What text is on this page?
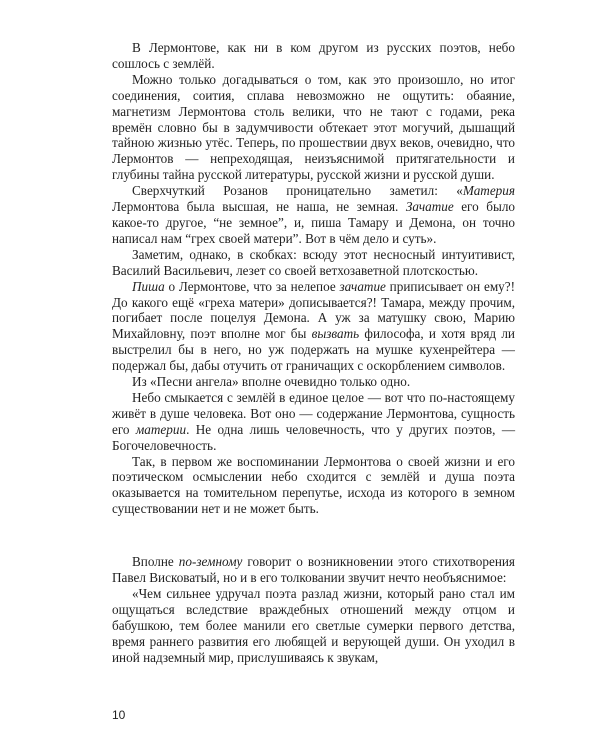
В Лермонтове, как ни в ком другом из русских поэтов, небо сошлось с землёй.

Можно только догадываться о том, как это произошло, но итог соединения, соития, сплава невозможно не ощутить: обаяние, магнетизм Лермонтова столь велики, что не тают с годами, река времён словно бы в задумчивости обтекает этот могучий, дышащий тайною жизнью утёс. Теперь, по прошествии двух веков, очевидно, что Лермонтов — непреходящая, неизъяснимой притягательности и глубины тайна русской литературы, русской жизни и русской души.

Сверхчуткий Розанов проницательно заметил: «Материя Лермонтова была высшая, не наша, не земная. Зачатие его было какое-то другое, “не земное”, и, пиша Тамару и Демона, он точно написал нам “грех своей матери”. Вот в чём дело и суть».

Заметим, однако, в скобках: всюду этот несносный интуитивист, Василий Васильевич, лезет со своей ветхозаветной плотскостью.

Пиша о Лермонтове, что за нелепое зачатие приписывает он ему?! До какого ещё «греха матери» дописывается?! Тамара, между прочим, погибает после поцелуя Демона. А уж за матушку свою, Марию Михайловну, поэт вполне мог бы вызвать философа, и хотя вряд ли выстрелил бы в него, но уж подержать на мушке кухенрейтера — подержал бы, дабы отучить от граничащих с оскорблением символов.

Из «Песни ангела» вполне очевидно только одно.

Небо смыкается с землёй в единое целое — вот что по-настоящему живёт в душе человека. Вот оно — содержание Лермонтова, сущность его материи. Не одна лишь человечность, что у других поэтов, — Богочеловечность.

Так, в первом же воспоминании Лермонтова о своей жизни и его поэтическом осмыслении небо сходится с землёй и душа поэта оказывается на томительном перепутье, исхода из которого в земном существовании нет и не может быть.

Вполне по-земному говорит о возникновении этого стихотворения Павел Висковатый, но и в его толковании звучит нечто необъяснимое:

«Чем сильнее удручал поэта разлад жизни, который рано стал им ощущаться вследствие враждебных отношений между отцом и бабушкою, тем более манили его светлые сумерки первого детства, время раннего развития его любящей и верующей души. Он уходил в иной надземный мир, прислушиваясь к звукам,

10
